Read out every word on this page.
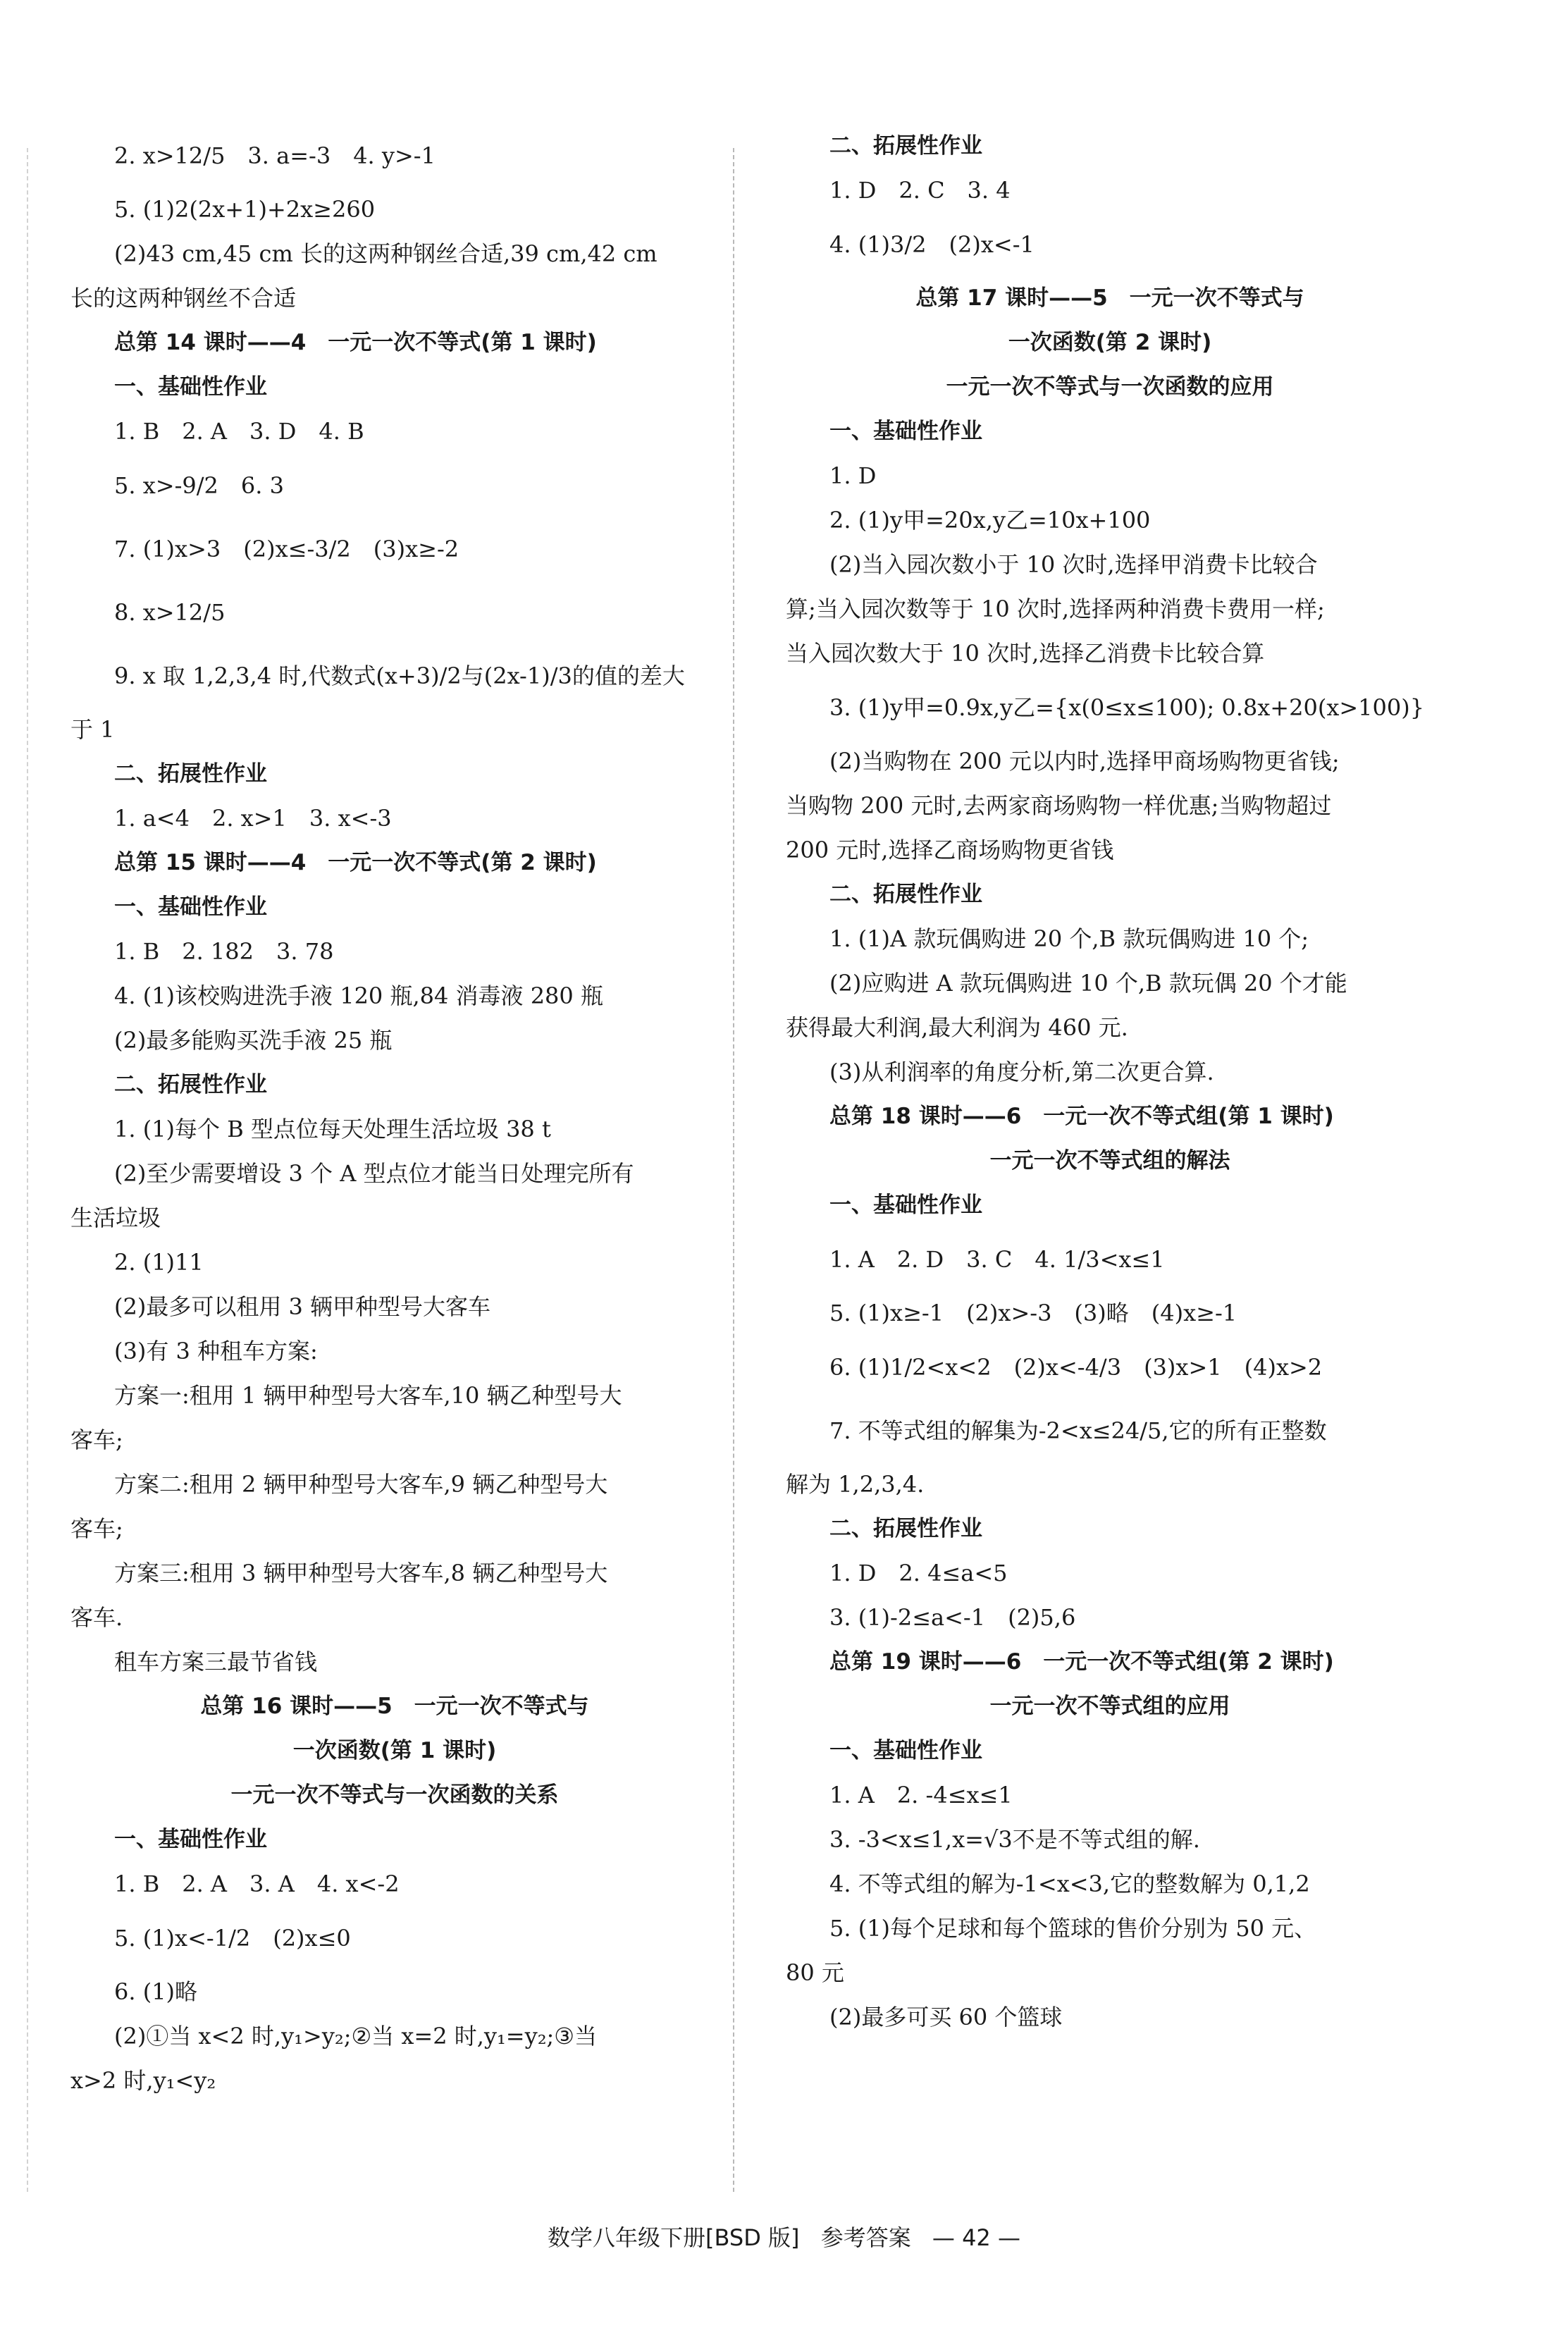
2. x>12/5　3. a=-3　4. y>-1
5. (1)2(2x+1)+2x≥260
(2)43 cm,45 cm 长的这两种钢丝合适,39 cm,42 cm
长的这两种钢丝不合适
总第 14 课时——4　一元一次不等式(第 1 课时)
一、基础性作业
1. B　2. A　3. D　4. B
5. x>-9/2　6. 3
7. (1)x>3　(2)x≤-3/2　(3)x≥-2
8. x>12/5
9. x 取 1,2,3,4 时,代数式(x+3)/2与(2x-1)/3的值的差大
于 1
二、拓展性作业
1. a<4　2. x>1　3. x<-3
总第 15 课时——4　一元一次不等式(第 2 课时)
一、基础性作业
1. B　2. 182　3. 78
4. (1)该校购进洗手液 120 瓶,84 消毒液 280 瓶
(2)最多能购买洗手液 25 瓶
二、拓展性作业
1. (1)每个 B 型点位每天处理生活垃圾 38 t
(2)至少需要增设 3 个 A 型点位才能当日处理完所有
生活垃圾
2. (1)11
(2)最多可以租用 3 辆甲种型号大客车
(3)有 3 种租车方案:
方案一:租用 1 辆甲种型号大客车,10 辆乙种型号大
客车;
方案二:租用 2 辆甲种型号大客车,9 辆乙种型号大
客车;
方案三:租用 3 辆甲种型号大客车,8 辆乙种型号大
客车.
租车方案三最节省钱
总第 16 课时——5　一元一次不等式与
一次函数(第 1 课时)
一元一次不等式与一次函数的关系
一、基础性作业
1. B　2. A　3. A　4. x<-2
5. (1)x<-1/2　(2)x≤0
6. (1)略
(2)①当 x<2 时,y₁>y₂;②当 x=2 时,y₁=y₂;③当
x>2 时,y₁<y₂
二、拓展性作业
1. D　2. C　3. 4
4. (1)3/2　(2)x<-1
总第 17 课时——5　一元一次不等式与
一次函数(第 2 课时)
一元一次不等式与一次函数的应用
一、基础性作业
1. D
2. (1)y甲=20x,y乙=10x+100
(2)当入园次数小于 10 次时,选择甲消费卡比较合
算;当入园次数等于 10 次时,选择两种消费卡费用一样;
当入园次数大于 10 次时,选择乙消费卡比较合算
3. (1)y甲=0.9x,y乙={x(0≤x≤100); 0.8x+20(x>100)}
(2)当购物在 200 元以内时,选择甲商场购物更省钱;
当购物 200 元时,去两家商场购物一样优惠;当购物超过
200 元时,选择乙商场购物更省钱
二、拓展性作业
1. (1)A 款玩偶购进 20 个,B 款玩偶购进 10 个;
(2)应购进 A 款玩偶购进 10 个,B 款玩偶 20 个才能
获得最大利润,最大利润为 460 元.
(3)从利润率的角度分析,第二次更合算.
总第 18 课时——6　一元一次不等式组(第 1 课时)
一元一次不等式组的解法
一、基础性作业
1. A　2. D　3. C　4. 1/3<x≤1
5. (1)x≥-1　(2)x>-3　(3)略　(4)x≥-1
6. (1)1/2<x<2　(2)x<-4/3　(3)x>1　(4)x>2
7. 不等式组的解集为-2<x≤24/5,它的所有正整数
解为 1,2,3,4.
二、拓展性作业
1. D　2. 4≤a<5
3. (1)-2≤a<-1　(2)5,6
总第 19 课时——6　一元一次不等式组(第 2 课时)
一元一次不等式组的应用
一、基础性作业
1. A　2. -4≤x≤1
3. -3<x≤1,x=√3不是不等式组的解.
4. 不等式组的解为-1<x<3,它的整数解为 0,1,2
5. (1)每个足球和每个篮球的售价分别为 50 元、
80 元
(2)最多可买 60 个篮球
数学八年级下册[BSD 版] 参考答案 — 42 —
